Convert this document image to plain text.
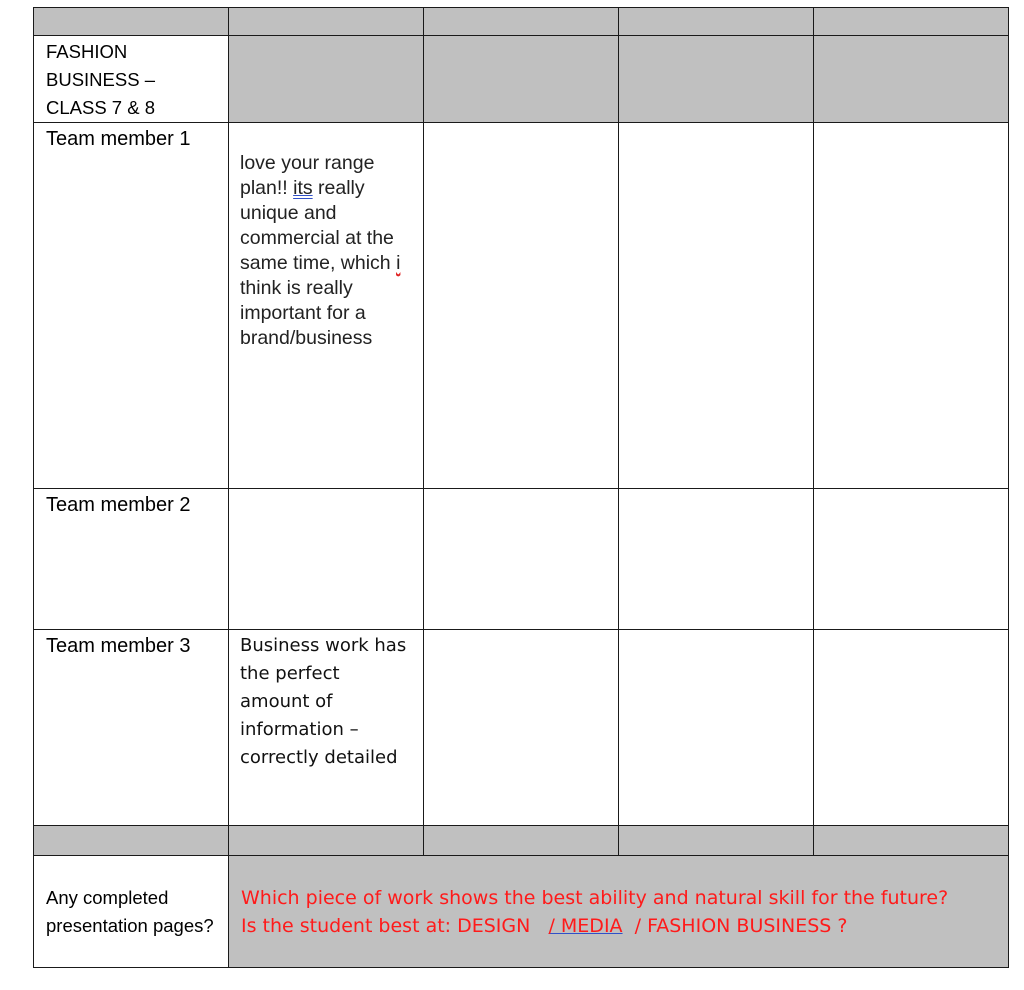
FASHION BUSINESS – CLASS 7 & 8				
Team member 1	love your range plan!! its really unique and commercial at the same time, which i think is really important for a brand/business			

Team member 2				
Team member 3	Business work has the perfect amount of information – correctly detailed			

Any completed presentation pages?	Which piece of work shows the best ability and natural skill for the future?
Is the student best at: DESIGN   / MEDIA  / FASHION BUSINESS ?			
